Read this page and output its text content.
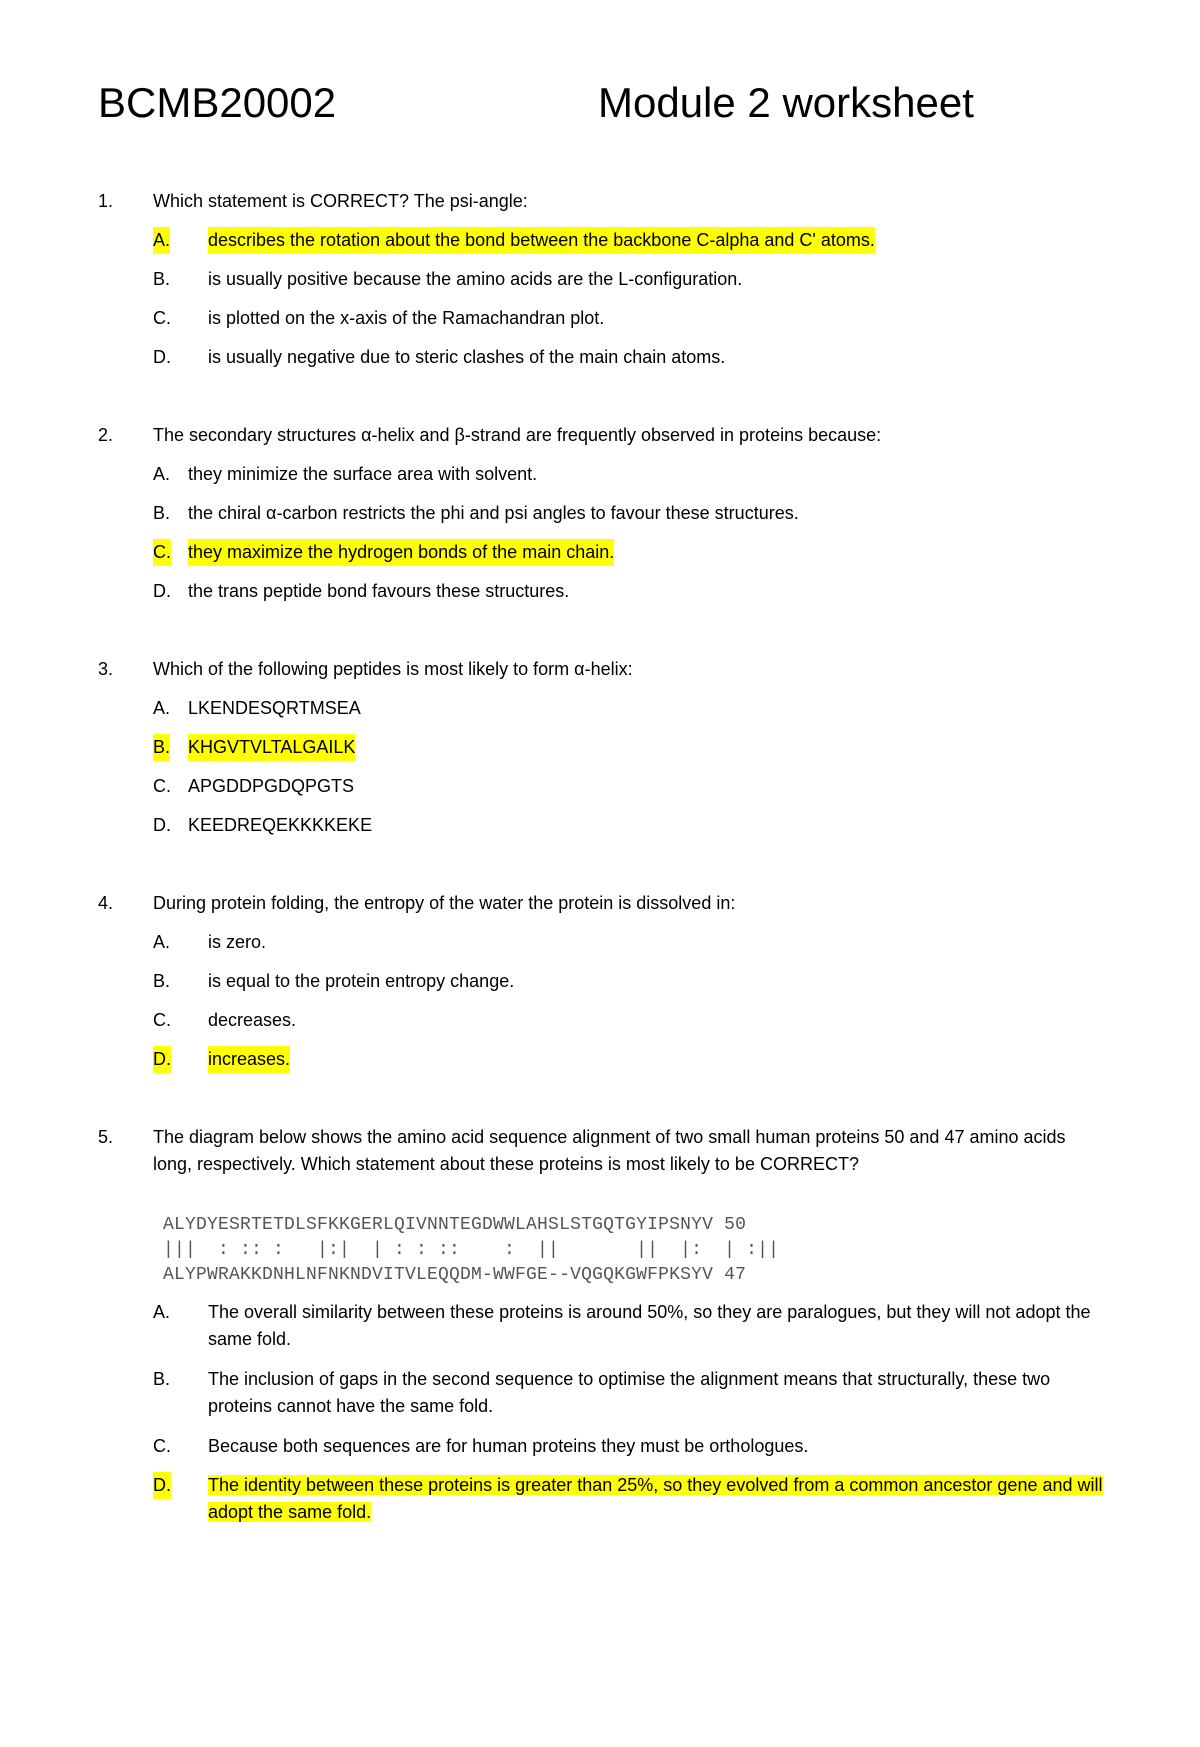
BCMB20002	Module 2 worksheet
1.	Which statement is CORRECT? The psi-angle:
A. describes the rotation about the bond between the backbone C-alpha and C' atoms.
B. is usually positive because the amino acids are the L-configuration.
C. is plotted on the x-axis of the Ramachandran plot.
D. is usually negative due to steric clashes of the main chain atoms.
2.	The secondary structures α-helix and β-strand are frequently observed in proteins because:
A. they minimize the surface area with solvent.
B. the chiral α-carbon restricts the phi and psi angles to favour these structures.
C. they maximize the hydrogen bonds of the main chain.
D. the trans peptide bond favours these structures.
3.	Which of the following peptides is most likely to form α-helix:
A. LKENDESQRTMSEA
B. KHGVTVLTALGAILK
C. APGDDPGDQPGTS
D. KEEDREQEKKKKEKE
4.	During protein folding, the entropy of the water the protein is dissolved in:
A. is zero.
B. is equal to the protein entropy change.
C. decreases.
D. increases.
5.	The diagram below shows the amino acid sequence alignment of two small human proteins 50 and 47 amino acids long, respectively. Which statement about these proteins is most likely to be CORRECT?
ALYDYESRTETDLSFKKGERLQIVNNTEGDWWLAHSLSTGQTGYIPSNYV 50
|||  : :: :   |:|  | : : ::    :  ||       ||  |:  | :||
ALYPWRAKKDNHLNFNKNDVITVLEQQDM-WWFGE--VQGQKGWFPKSYV 47
A. The overall similarity between these proteins is around 50%, so they are paralogues, but they will not adopt the same fold.
B. The inclusion of gaps in the second sequence to optimise the alignment means that structurally, these two proteins cannot have the same fold.
C. Because both sequences are for human proteins they must be orthologues.
D. The identity between these proteins is greater than 25%, so they evolved from a common ancestor gene and will adopt the same fold.
